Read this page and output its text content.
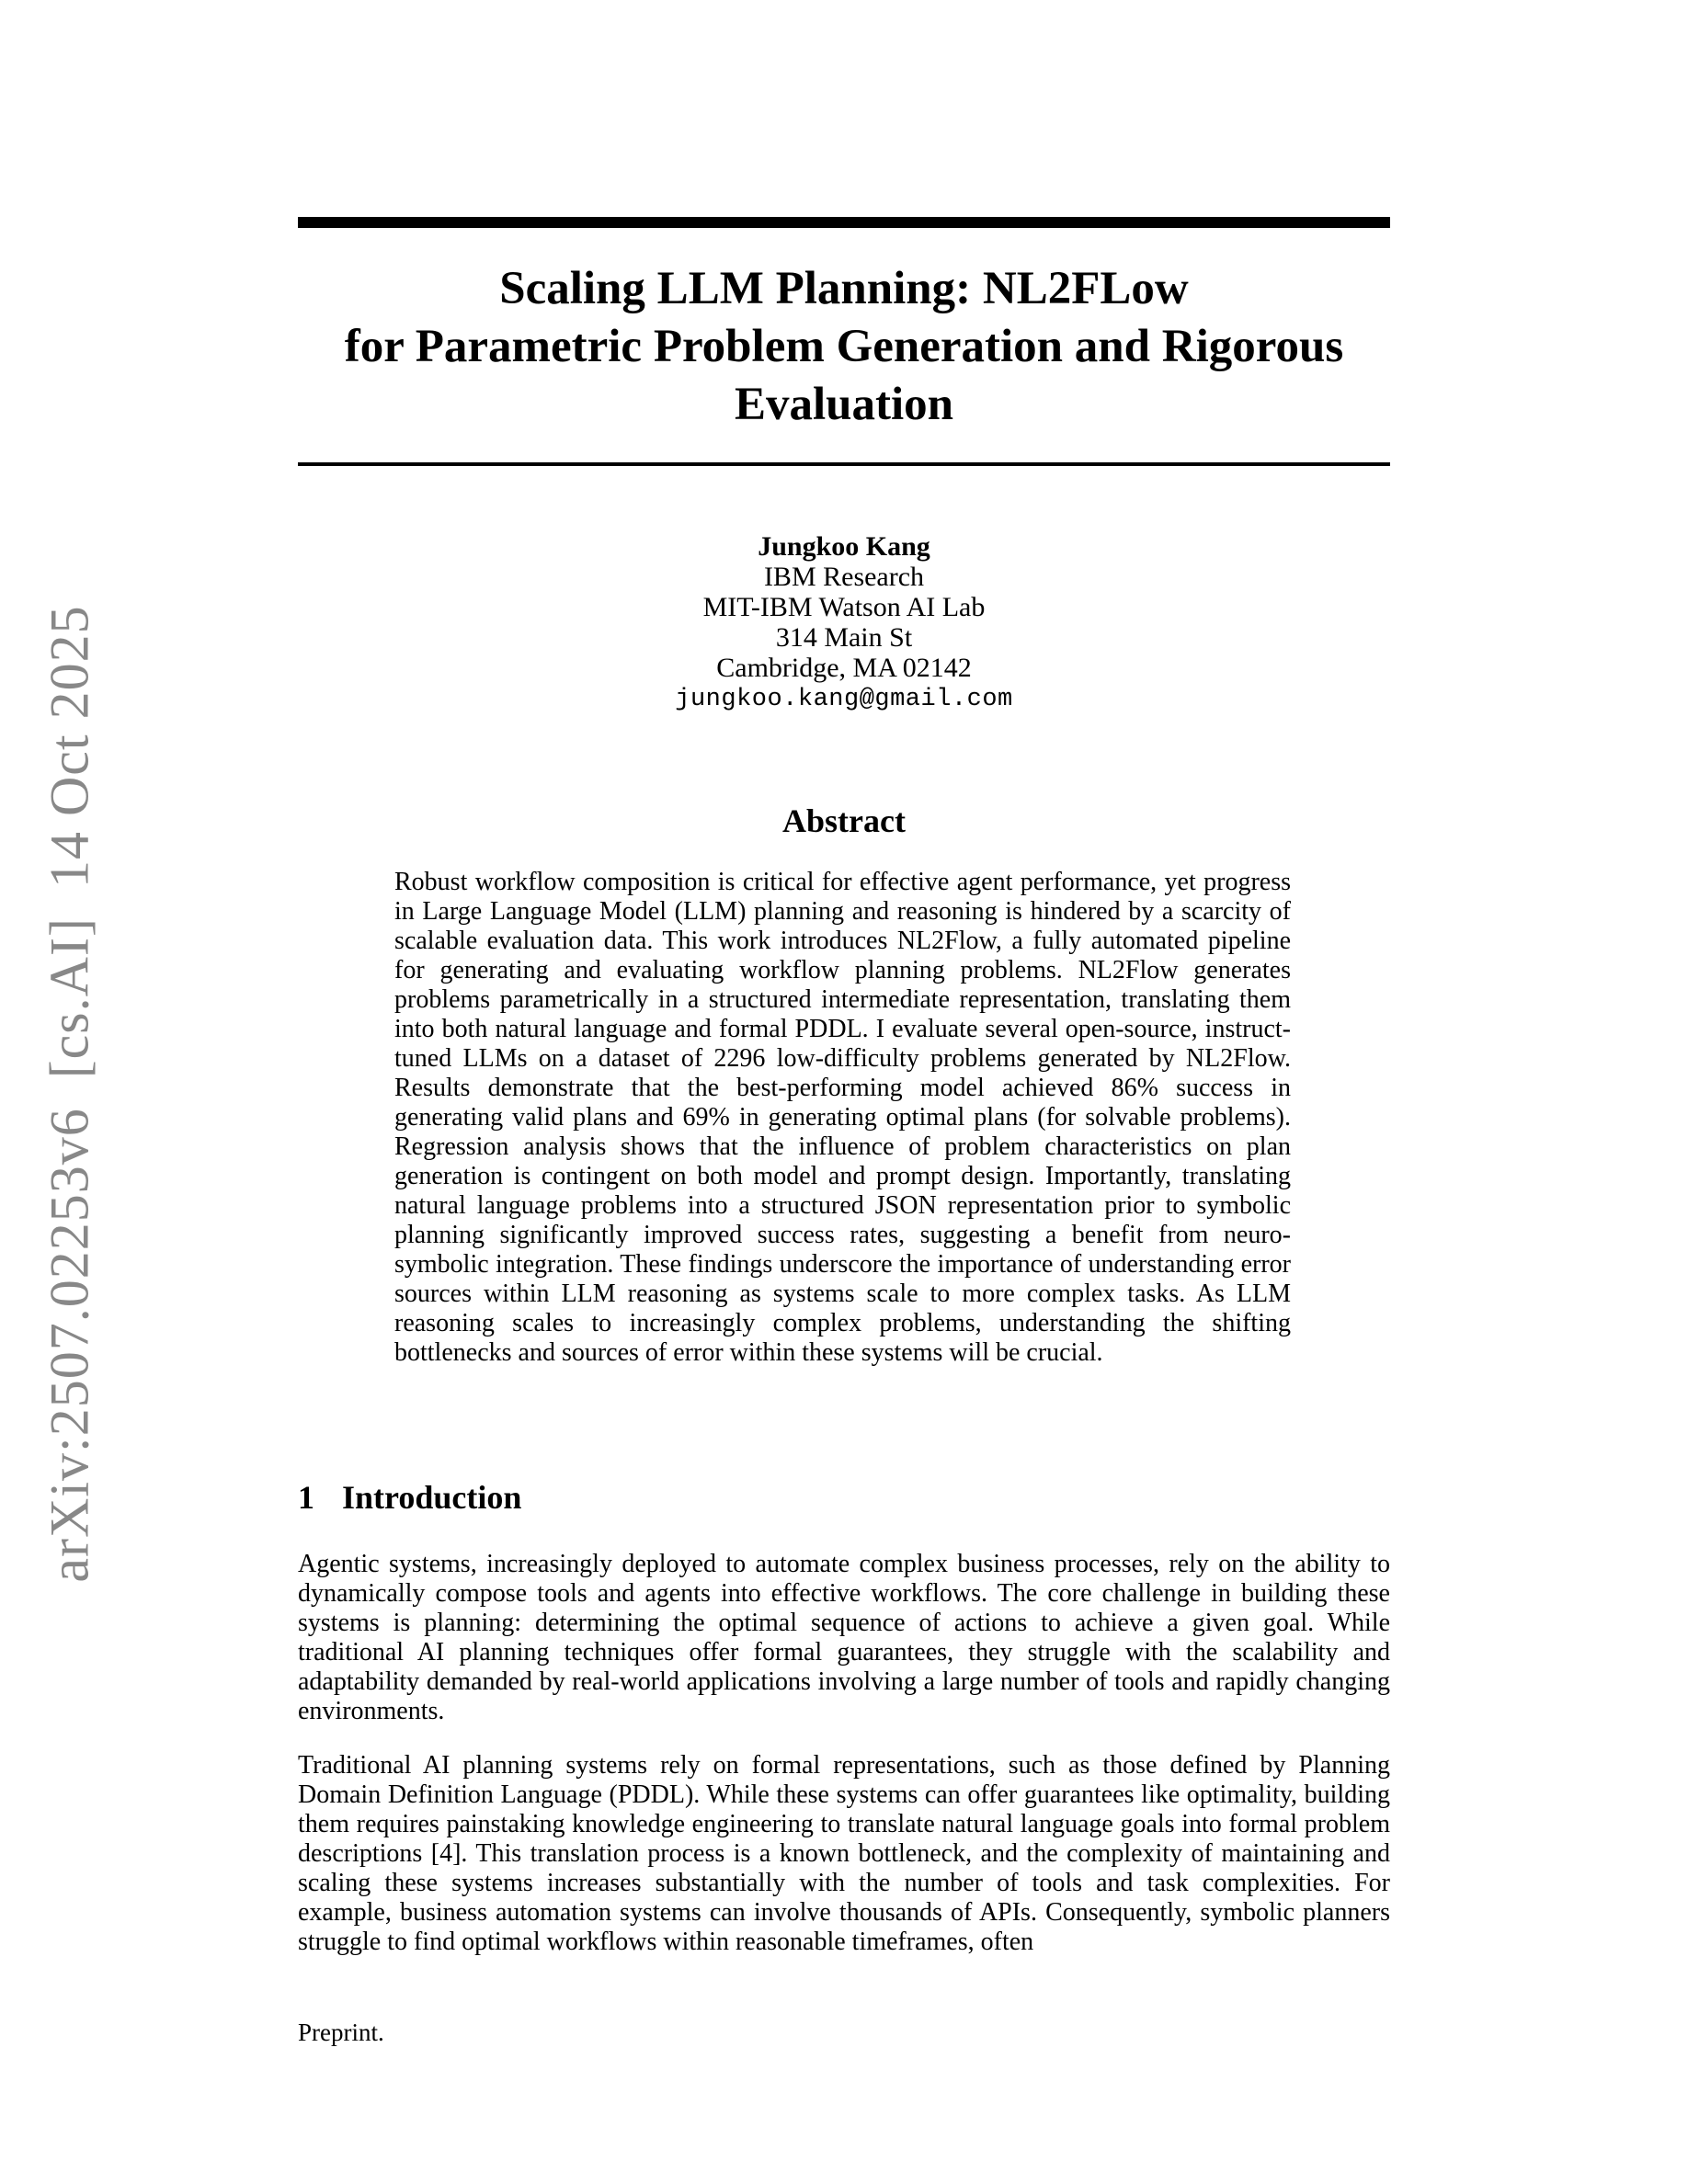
arXiv:2507.02253v6  [cs.AI]  14 Oct 2025
Scaling LLM Planning: NL2FLow
for Parametric Problem Generation and Rigorous
Evaluation
Jungkoo Kang
IBM Research
MIT-IBM Watson AI Lab
314 Main St
Cambridge, MA 02142
jungkoo.kang@gmail.com
Abstract
Robust workflow composition is critical for effective agent performance, yet progress in Large Language Model (LLM) planning and reasoning is hindered by a scarcity of scalable evaluation data. This work introduces NL2Flow, a fully automated pipeline for generating and evaluating workflow planning problems. NL2Flow generates problems parametrically in a structured intermediate representation, translating them into both natural language and formal PDDL. I evaluate several open-source, instruct-tuned LLMs on a dataset of 2296 low-difficulty problems generated by NL2Flow. Results demonstrate that the best-performing model achieved 86% success in generating valid plans and 69% in generating optimal plans (for solvable problems). Regression analysis shows that the influence of problem characteristics on plan generation is contingent on both model and prompt design. Importantly, translating natural language problems into a structured JSON representation prior to symbolic planning significantly improved success rates, suggesting a benefit from neuro-symbolic integration. These findings underscore the importance of understanding error sources within LLM reasoning as systems scale to more complex tasks. As LLM reasoning scales to increasingly complex problems, understanding the shifting bottlenecks and sources of error within these systems will be crucial.
1 Introduction

Agentic systems, increasingly deployed to automate complex business processes, rely on the ability to dynamically compose tools and agents into effective workflows. The core challenge in building these systems is planning: determining the optimal sequence of actions to achieve a given goal. While traditional AI planning techniques offer formal guarantees, they struggle with the scalability and adaptability demanded by real-world applications involving a large number of tools and rapidly changing environments.

Traditional AI planning systems rely on formal representations, such as those defined by Planning Domain Definition Language (PDDL). While these systems can offer guarantees like optimality, building them requires painstaking knowledge engineering to translate natural language goals into formal problem descriptions [4]. This translation process is a known bottleneck, and the complexity of maintaining and scaling these systems increases substantially with the number of tools and task complexities. For example, business automation systems can involve thousands of APIs. Consequently, symbolic planners struggle to find optimal workflows within reasonable timeframes, often

Preprint.
